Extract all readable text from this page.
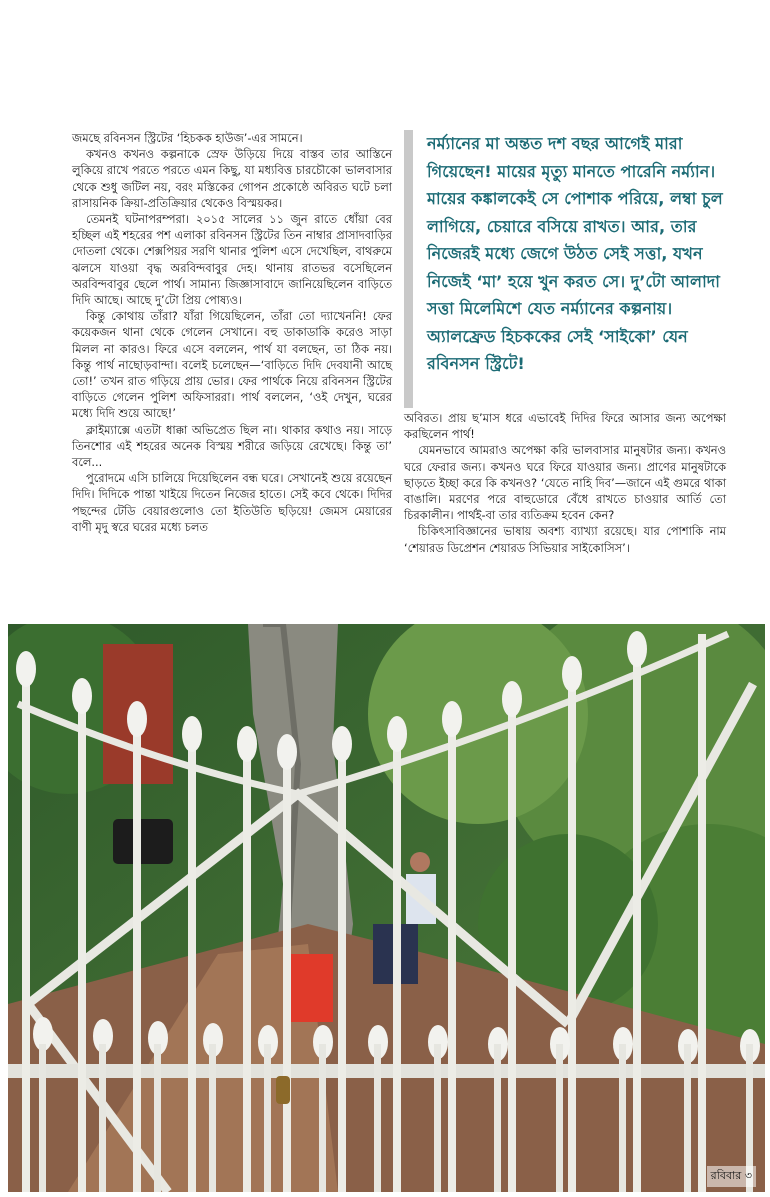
জমছে রবিনসন স্ট্রিটের ‘হিচকক হাউজ’-এর সামনে।

কখনও কখনও কল্পনাকে স্রেফ উড়িয়ে দিয়ে বাস্তব তার আস্তিনে লুকিয়ে রাখে পরতে পরতে এমন কিছু, যা মধ্যবিত্ত চারচৌকো ভালবাসার থেকে শুধু জটিল নয়, বরং মস্তিকের গোপন প্রকোষ্ঠে অবিরত ঘটে চলা রাসায়নিক ক্রিয়া-প্রতিক্রিয়ার থেকেও বিস্ময়কর।

তেমনই ঘটনাপরম্পরা। ২০১৫ সালের ১১ জুন রাতে ধোঁয়া বের হচ্ছিল এই শহরের পশ এলাকা রবিনসন স্ট্রিটের তিন নাম্বার প্রাসাদবাড়ির দোতলা থেকে। শেক্সপিয়র সরণি থানার পুলিশ এসে দেখেছিল, বাথরুমে ঝলসে যাওয়া বৃদ্ধ অরবিন্দবাবুর দেহ। থানায় রাতভর বসেছিলেন অরবিন্দবাবুর ছেলে পার্থ। সামান্য জিজ্ঞাসাবাদে জানিয়েছিলেন বাড়িতে দিদি আছে। আছে দু’টো প্রিয় পোষ্যও।

কিন্তু কোথায় তাঁরা? যাঁরা গিয়েছিলেন, তাঁরা তো দ্যাখেননি! ফের কয়েকজন থানা থেকে গেলেন সেখানে। বহু ডাকাডাকি করেও সাড়া মিলল না কারও। ফিরে এসে বললেন, পার্থ যা বলছেন, তা ঠিক নয়। কিন্তু পার্থ নাছোড়বান্দা। বলেই চলেছেন—‘বাড়িতে দিদি দেবযানী আছে তো!’ তখন রাত গড়িয়ে প্রায় ভোর। ফের পার্থকে নিয়ে রবিনসন স্ট্রিটের বাড়িতে গেলেন পুলিশ অফিসাররা। পার্থ বললেন, ‘ওই দেখুন, ঘরের মধ্যে দিদি শুয়ে আছে!’

ক্লাইম্যাক্সে এতটা ধাক্কা অভিপ্রেত ছিল না। থাকার কথাও নয়। সাড়ে তিনশোর এই শহরের অনেক বিস্ময় শরীরে জড়িয়ে রেখেছে। কিন্তু তা’ বলে...

পুরোদমে এসি চালিয়ে দিয়েছিলেন বন্ধ ঘরে। সেখানেই শুয়ে রয়েছেন দিদি। দিদিকে পান্তা খাইয়ে দিতেন নিজের হাতে। সেই কবে থেকে। দিদির পছন্দের টেডি বেয়ারগুলোও তো ইতিউতি ছড়িয়ে! জেমস মেয়ারের বাণী মৃদু স্বরে ঘরের মধ্যে চলত

নর্ম্যানের মা অন্তত দশ বছর আগেই মারা গিয়েছেন! মায়ের মৃত্যু মানতে পারেনি নর্ম্যান। মায়ের কঙ্কালকেই সে পোশাক পরিয়ে, লম্বা চুল লাগিয়ে, চেয়ারে বসিয়ে রাখত। আর, তার নিজেরই মধ্যে জেগে উঠত সেই সত্তা, যখন নিজেই ‘মা’ হয়ে খুন করত সে। দু’টো আলাদা সত্তা মিলেমিশে যেত নর্ম্যানের কল্পনায়। অ্যালফ্রেড হিচককের সেই ‘সাইকো’ যেন রবিনসন স্ট্রিটে!

অবিরত। প্রায় ছ’মাস ধরে এভাবেই দিদির ফিরে আসার জন্য অপেক্ষা করছিলেন পার্থ!

যেমনভাবে আমরাও অপেক্ষা করি ভালবাসার মানুষটার জন্য। কখনও ঘরে ফেরার জন্য। কখনও ঘরে ফিরে যাওয়ার জন্য। প্রাণের মানুষটাকে ছাড়তে ইচ্ছা করে কি কখনও? ‘যেতে নাহি দিব’—জানে এই গুমরে থাকা বাঙালি। মরণের পরে বাহুডোরে বেঁধে রাখতে চাওয়ার আর্তি তো চিরকালীন। পার্থই-বা তার ব্যতিক্রম হবেন কেন?

চিকিৎসাবিজ্ঞানের ভাষায় অবশ্য ব্যাখ্যা রয়েছে। যার পোশাকি নাম ‘শেয়ারড ডিপ্রেশন শেয়ারড সিভিয়ার সাইকোসিস’।

রবিবার ৩
